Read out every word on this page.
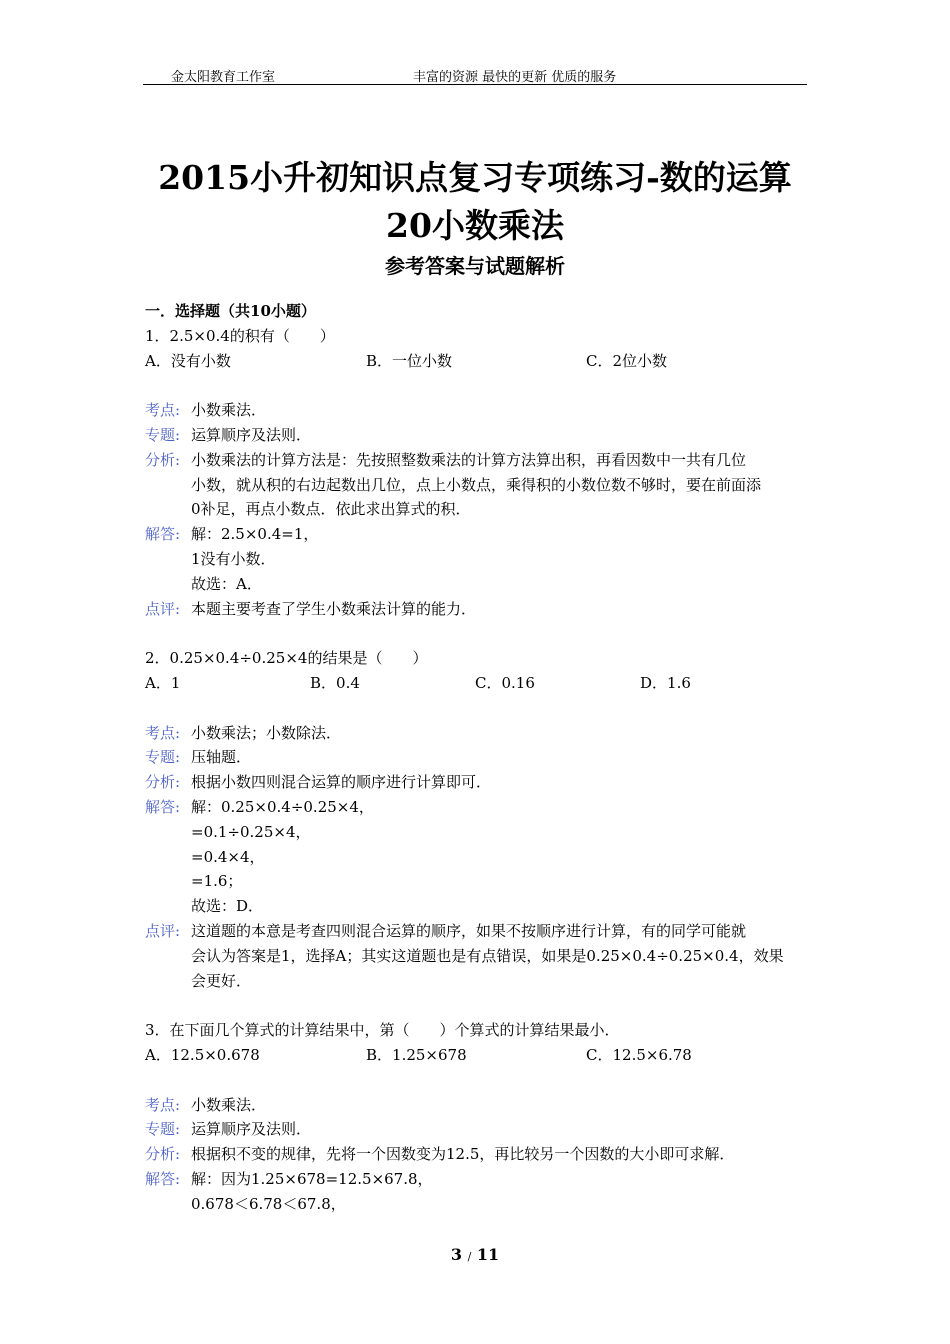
金太阳教育工作室	丰富的资源 最快的更新 优质的服务
2015小升初知识点复习专项练习-数的运算
20小数乘法
参考答案与试题解析
一．选择题（共10小题）
1．2.5×0.4的积有（　　）
A．没有小数	B．一位小数	C．2位小数
考点: 小数乘法．
专题: 运算顺序及法则．
分析: 小数乘法的计算方法是：先按照整数乘法的计算方法算出积，再看因数中一共有几位
小数，就从积的右边起数出几位，点上小数点，乘得积的小数位数不够时，要在前面添
0补足，再点小数点．依此求出算式的积．
解答: 解：2.5×0.4=1，
1没有小数．
故选：A．
点评: 本题主要考查了学生小数乘法计算的能力．
2．0.25×0.4÷0.25×4的结果是（　　）
A．1	B．0.4	C．0.16	D．1.6
考点: 小数乘法；小数除法．
专题: 压轴题．
分析: 根据小数四则混合运算的顺序进行计算即可．
解答: 解：0.25×0.4÷0.25×4，
=0.1÷0.25×4，
=0.4×4，
=1.6；
故选：D．
点评: 这道题的本意是考查四则混合运算的顺序，如果不按顺序进行计算，有的同学可能就
会认为答案是1，选择A；其实这道题也是有点错误，如果是0.25×0.4÷0.25×0.4，效果
会更好．
3．在下面几个算式的计算结果中，第（　　）个算式的计算结果最小．
A．12.5×0.678	B．1.25×678	C．12.5×6.78
考点: 小数乘法．
专题: 运算顺序及法则．
分析: 根据积不变的规律，先将一个因数变为12.5，再比较另一个因数的大小即可求解．
解答: 解：因为1.25×678=12.5×67.8，
0.678＜6.78＜67.8，
3 / 11
